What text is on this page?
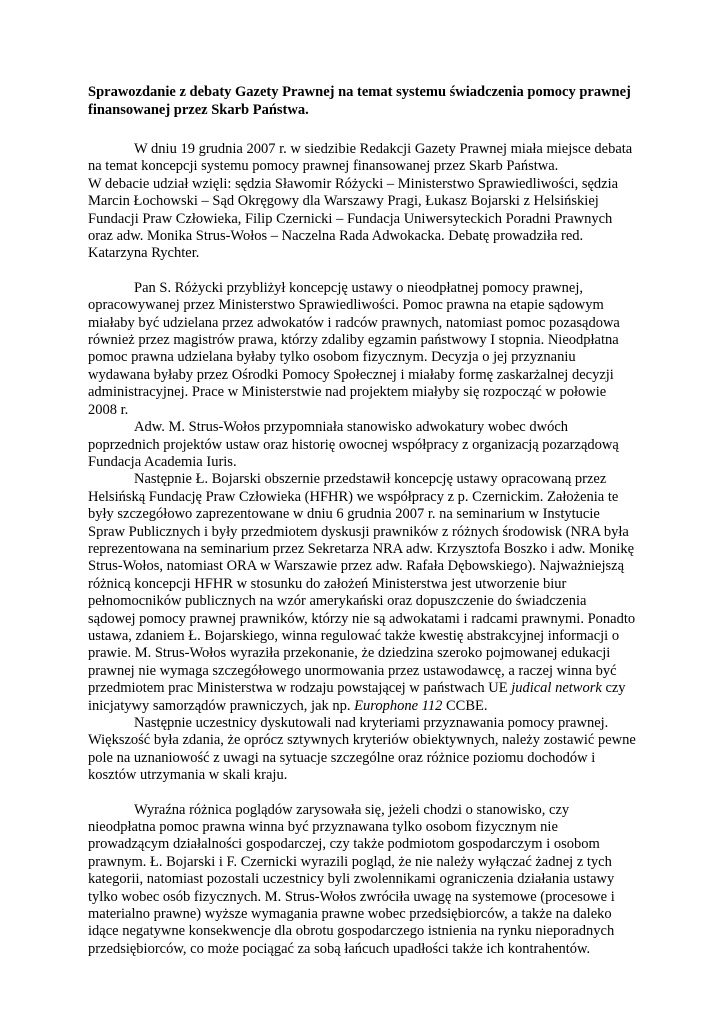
Sprawozdanie z debaty Gazety Prawnej na temat systemu świadczenia pomocy prawnej finansowanej przez Skarb Państwa.

W dniu 19 grudnia 2007 r. w siedzibie Redakcji Gazety Prawnej miała miejsce debata na temat koncepcji systemu pomocy prawnej finansowanej przez Skarb Państwa.

W debacie udział wzięli: sędzia Sławomir Różycki – Ministerstwo Sprawiedliwości, sędzia Marcin Łochowski – Sąd Okręgowy dla Warszawy Pragi, Łukasz Bojarski z Helsińskiej Fundacji Praw Człowieka, Filip Czernicki – Fundacja Uniwersyteckich Poradni Prawnych oraz adw. Monika Strus-Wołos – Naczelna Rada Adwokacka. Debatę prowadziła red. Katarzyna Rychter.

Pan S. Różycki przybliżył koncepcję ustawy o nieodpłatnej pomocy prawnej, opracowywanej przez Ministerstwo Sprawiedliwości. Pomoc prawna na etapie sądowym miałaby być udzielana przez adwokatów i radców prawnych, natomiast pomoc pozasądowa również przez magistrów prawa, którzy zdaliby egzamin państwowy I stopnia. Nieodpłatna pomoc prawna udzielana byłaby tylko osobom fizycznym. Decyzja o jej przyznaniu wydawana byłaby przez Ośrodki Pomocy Społecznej i miałaby formę zaskarżalnej decyzji administracyjnej. Prace w Ministerstwie nad projektem miałyby się rozpocząć w połowie 2008 r.

Adw. M. Strus-Wołos przypomniała stanowisko adwokatury wobec dwóch poprzednich projektów ustaw oraz historię owocnej współpracy z organizacją pozarządową Fundacja Academia Iuris.

Następnie Ł. Bojarski obszernie przedstawił koncepcję ustawy opracowaną przez Helsińską Fundację Praw Człowieka (HFHR) we współpracy z p. Czernickim. Założenia te były szczegółowo zaprezentowane w dniu 6 grudnia 2007 r. na seminarium w Instytucie Spraw Publicznych i były przedmiotem dyskusji prawników z różnych środowisk (NRA była reprezentowana na seminarium przez Sekretarza NRA adw. Krzysztofa Boszko i adw. Monikę Strus-Wołos, natomiast ORA w Warszawie przez adw. Rafała Dębowskiego). Najważniejszą różnicą koncepcji HFHR w stosunku do założeń Ministerstwa jest utworzenie biur pełnomocników publicznych na wzór amerykański oraz dopuszczenie do świadczenia sądowej pomocy prawnej prawników, którzy nie są adwokatami i radcami prawnymi. Ponadto ustawa, zdaniem Ł. Bojarskiego, winna regulować także kwestię abstrakcyjnej informacji o prawie. M. Strus-Wołos wyraziła przekonanie, że dziedzina szeroko pojmowanej edukacji prawnej nie wymaga szczegółowego unormowania przez ustawodawcę, a raczej winna być przedmiotem prac Ministerstwa w rodzaju powstającej w państwach UE judical network czy inicjatywy samorządów prawniczych, jak np. Europhone 112 CCBE.

Następnie uczestnicy dyskutowali nad kryteriami przyznawania pomocy prawnej. Większość była zdania, że oprócz sztywnych kryteriów obiektywnych, należy zostawić pewne pole na uznaniowość z uwagi na sytuacje szczególne oraz różnice poziomu dochodów i kosztów utrzymania w skali kraju.

Wyraźna różnica poglądów zarysowała się, jeżeli chodzi o stanowisko, czy nieodpłatna pomoc prawna winna być przyznawana tylko osobom fizycznym nie prowadzącym działalności gospodarczej, czy także podmiotom gospodarczym i osobom prawnym. Ł. Bojarski i F. Czernicki wyrazili pogląd, że nie należy wyłączać żadnej z tych kategorii, natomiast pozostali uczestnicy byli zwolennikami ograniczenia działania ustawy tylko wobec osób fizycznych. M. Strus-Wołos zwróciła uwagę na systemowe (procesowe i materialno prawne) wyższe wymagania prawne wobec przedsiębiorców, a także na daleko idące negatywne konsekwencje dla obrotu gospodarczego istnienia na rynku nieporadnych przedsiębiorców, co może pociągać za sobą łańcuch upadłości także ich kontrahentów.
